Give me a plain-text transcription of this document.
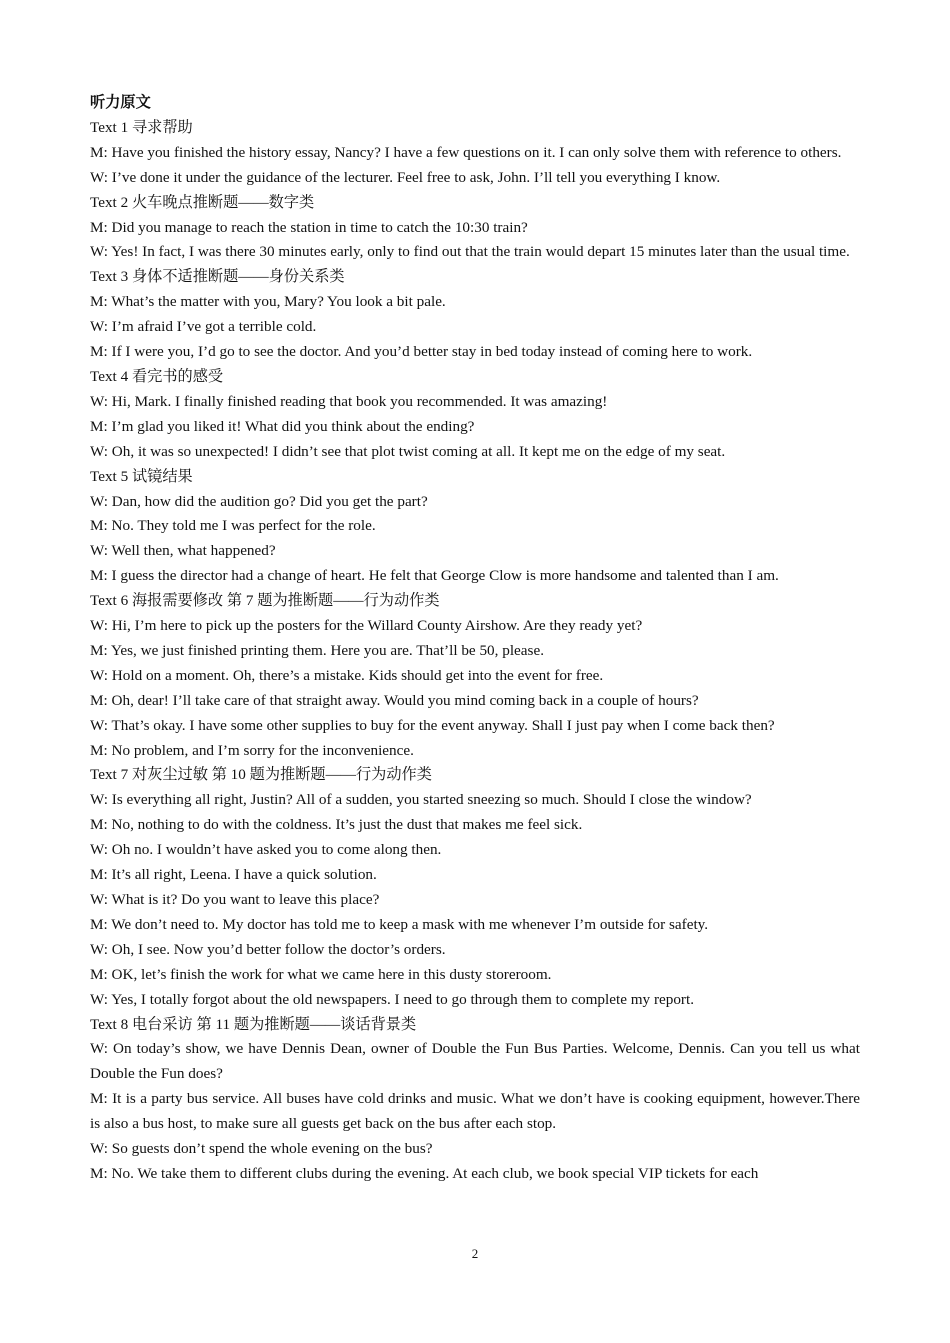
听力原文

Text 1 寻求帮助

M: Have you finished the history essay, Nancy? I have a few questions on it. I can only solve them with reference to others.

W: I’ve done it under the guidance of the lecturer. Feel free to ask, John. I’ll tell you everything I know.

Text 2 火车晚点推断题——数字类

M: Did you manage to reach the station in time to catch the 10:30 train?

W: Yes! In fact, I was there 30 minutes early, only to find out that the train would depart 15 minutes later than the usual time.

Text 3 身体不适推断题——身份关系类

M: What’s the matter with you, Mary? You look a bit pale.

W: I’m afraid I’ve got a terrible cold.

M: If I were you, I’d go to see the doctor. And you’d better stay in bed today instead of coming here to work.

Text 4 看完书的感受

W: Hi, Mark. I finally finished reading that book you recommended. It was amazing!

M: I’m glad you liked it! What did you think about the ending?

W: Oh, it was so unexpected! I didn’t see that plot twist coming at all. It kept me on the edge of my seat.

Text 5 试镜结果

W: Dan, how did the audition go? Did you get the part?

M: No. They told me I was perfect for the role.

W: Well then, what happened?

M: I guess the director had a change of heart. He felt that George Clow is more handsome and talented than I am.

Text 6 海报需要修改 第 7 题为推断题——行为动作类

W: Hi, I’m here to pick up the posters for the Willard County Airshow. Are they ready yet?

M: Yes, we just finished printing them. Here you are. That’ll be 50, please.

W: Hold on a moment. Oh, there’s a mistake. Kids should get into the event for free.

M: Oh, dear! I’ll take care of that straight away. Would you mind coming back in a couple of hours?

W: That’s okay. I have some other supplies to buy for the event anyway. Shall I just pay when I come back then?

M: No problem, and I’m sorry for the inconvenience.

Text 7 对灰尘过敏 第 10 题为推断题——行为动作类

W: Is everything all right, Justin? All of a sudden, you started sneezing so much. Should I close the window?

M: No, nothing to do with the coldness. It’s just the dust that makes me feel sick.

W: Oh no. I wouldn’t have asked you to come along then.

M: It’s all right, Leena. I have a quick solution.

W: What is it? Do you want to leave this place?

M: We don’t need to. My doctor has told me to keep a mask with me whenever I’m outside for safety.

W: Oh, I see. Now you’d better follow the doctor’s orders.

M: OK, let’s finish the work for what we came here in this dusty storeroom.

W: Yes, I totally forgot about the old newspapers. I need to go through them to complete my report.

Text 8 电台采访 第 11 题为推断题——谈话背景类

W: On today’s show, we have Dennis Dean, owner of Double the Fun Bus Parties. Welcome, Dennis. Can you tell us what Double the Fun does?

M: It is a party bus service. All buses have cold drinks and music. What we don’t have is cooking equipment, however.There is also a bus host, to make sure all guests get back on the bus after each stop.

W: So guests don’t spend the whole evening on the bus?

M: No. We take them to different clubs during the evening. At each club, we book special VIP tickets for each

2
